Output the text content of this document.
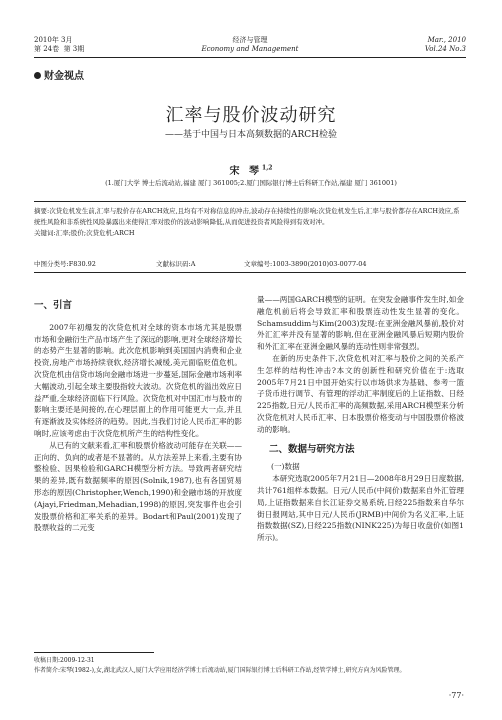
2010年 3月
第 24卷  第 3期
经济与管理
Economy and Management
Mar., 2010
Vol.24 No.3
财金视点
汇率与股价波动研究
——基于中国与日本高频数据的ARCH检验
宋 琴$^{1,2}$
(1.厦门大学 博士后流动站,福建 厦门 361005;2.厦门国际银行博士后科研工作站,福建 厦门 361001)
摘要:次贷危机发生前,汇率与股价存在ARCH效应,且均有不对称信息的冲击,波动存在持续性的影响;次贷危机发生后,汇率与股价都存在ARCH效应,系统性风险和非系统性风险暴露出来使得汇率对股价的波动影响降低,从而促进投资者风险得到有效对冲。
关键词:汇率;股价;次贷危机;ARCH
中图分类号:F830.92	文献标识码:A	文章编号:1003-3890(2010)03-0077-04
一、引言

2007年初爆发的次贷危机对全球的资本市场尤其是股票市场和金融衍生产品市场产生了深远的影响,更对全球经济增长的态势产生显著的影响。此次危机影响到美国国内消费和企业投资,房地产市场持续衰软,经济增长减缓,美元面临贬值危机。次贷危机由信贷市场向金融市场进一步蔓延,国际金融市场利率大幅波动,引起全球主要股指较大波动。次贷危机的溢出效应日益严重,全球经济面临下行风险。次贷危机对中国汇市与股市的影响主要还是间接的,在心理层面上的作用可能更大一点,并且有逐渐波及实体经济的趋势。因此,当我们讨论人民币汇率的影响时,应该考虑由于次贷危机所产生的结构性变化。

从已有的文献来看,汇率和股票价格波动可能存在关联——正向的、负向的或者是不显著的。从方法差异上来看,主要有协整检验、因果检验和GARCH模型分析方法。导致两者研究结果的差异,既有数据频率的原因(Solnik,1987),也有各国贸易形态的原因(Christopher,Wench,1990)和金融市场的开放度(Ajayi,Friedman,Mehadian,1998)的原因,突发事件也会引发股票价格和汇率关系的差异。Bodart和Paul(2001)发现了股票收益的二元变

量——两国GARCH模型的证明。在突发金融事件发生时,如金融危机前后将会导致汇率和股票连动性发生显著的变化。Schamsuddim与Kim(2003)发现:在亚洲金融风暴前,股价对外汇汇率并没有显著的影响,但在亚洲金融风暴后短期内股价和外汇汇率在亚洲金融风暴的连动性则非常强烈。

在新的历史条件下,次贷危机对汇率与股价之间的关系产生怎样的结构性冲击?本文的创新性和研究价值在于:选取2005年7月21日中国开始实行以市场供求为基础、参考一篮子货币进行调节、有管理的浮动汇率制度后的上证指数、日经225指数,日元/人民币汇率的高频数据,采用ARCH模型来分析次贷危机对人民币汇率、日本股票价格变动与中国股票价格波动的影响。

二、数据与研究方法
(一)数据

本研究选取2005年7月21日—2008年8月29日日度数据,共计761组样本数据。日元/人民币(中间价)数据来自外汇管理局,上证指数据来自长江证券交易系统,日经225指数来自华尔街日报网站,其中日元/人民币(JRMB)中间价为名义汇率,上证指数数据(SZ),日经225指数(NINK225)为每日收盘价(如图1所示)。

收稿日期:2009-12-31
作者简介:宋琴(1982-),女,湖北武汉人,厦门大学应用经济学博士后流动站,厦门国际银行博士后科研工作站,经管学博士,研究方向为风险管理。
·77·
